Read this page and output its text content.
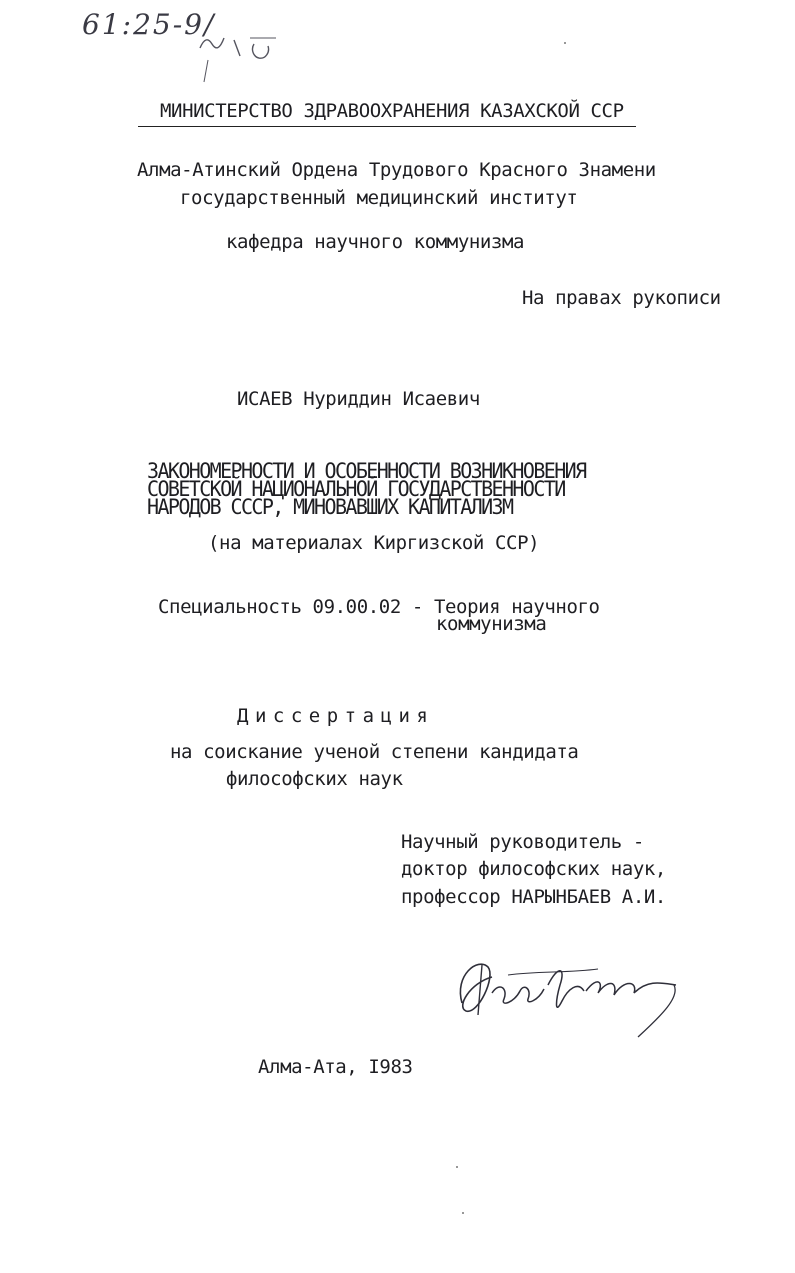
61:25-9/
МИНИСТЕРСТВО ЗДРАВООХРАНЕНИЯ КАЗАХСКОЙ ССР
Алма-Атинский Ордена Трудового Красного Знамени
государственный медицинский институт
кафедра научного коммунизма
На правах рукописи
ИСАЕВ Нуриддин Исаевич
ЗАКОНОМЕРНОСТИ И ОСОБЕННОСТИ ВОЗНИКНОВЕНИЯ
СОВЕТСКОЙ НАЦИОНАЛЬНОЙ ГОСУДАРСТВЕННОСТИ
НАРОДОВ СССР, МИНОВАВШИХ КАПИТАЛИЗМ
(на материалах Киргизской ССР)
Специальность 09.00.02 - Теория научного
коммунизма
Диссертация
на соискание ученой степени кандидата
философских наук
Научный руководитель -
доктор философских наук,
профессор НАРЫНБАЕВ А.И.
Алма-Ата, I983
